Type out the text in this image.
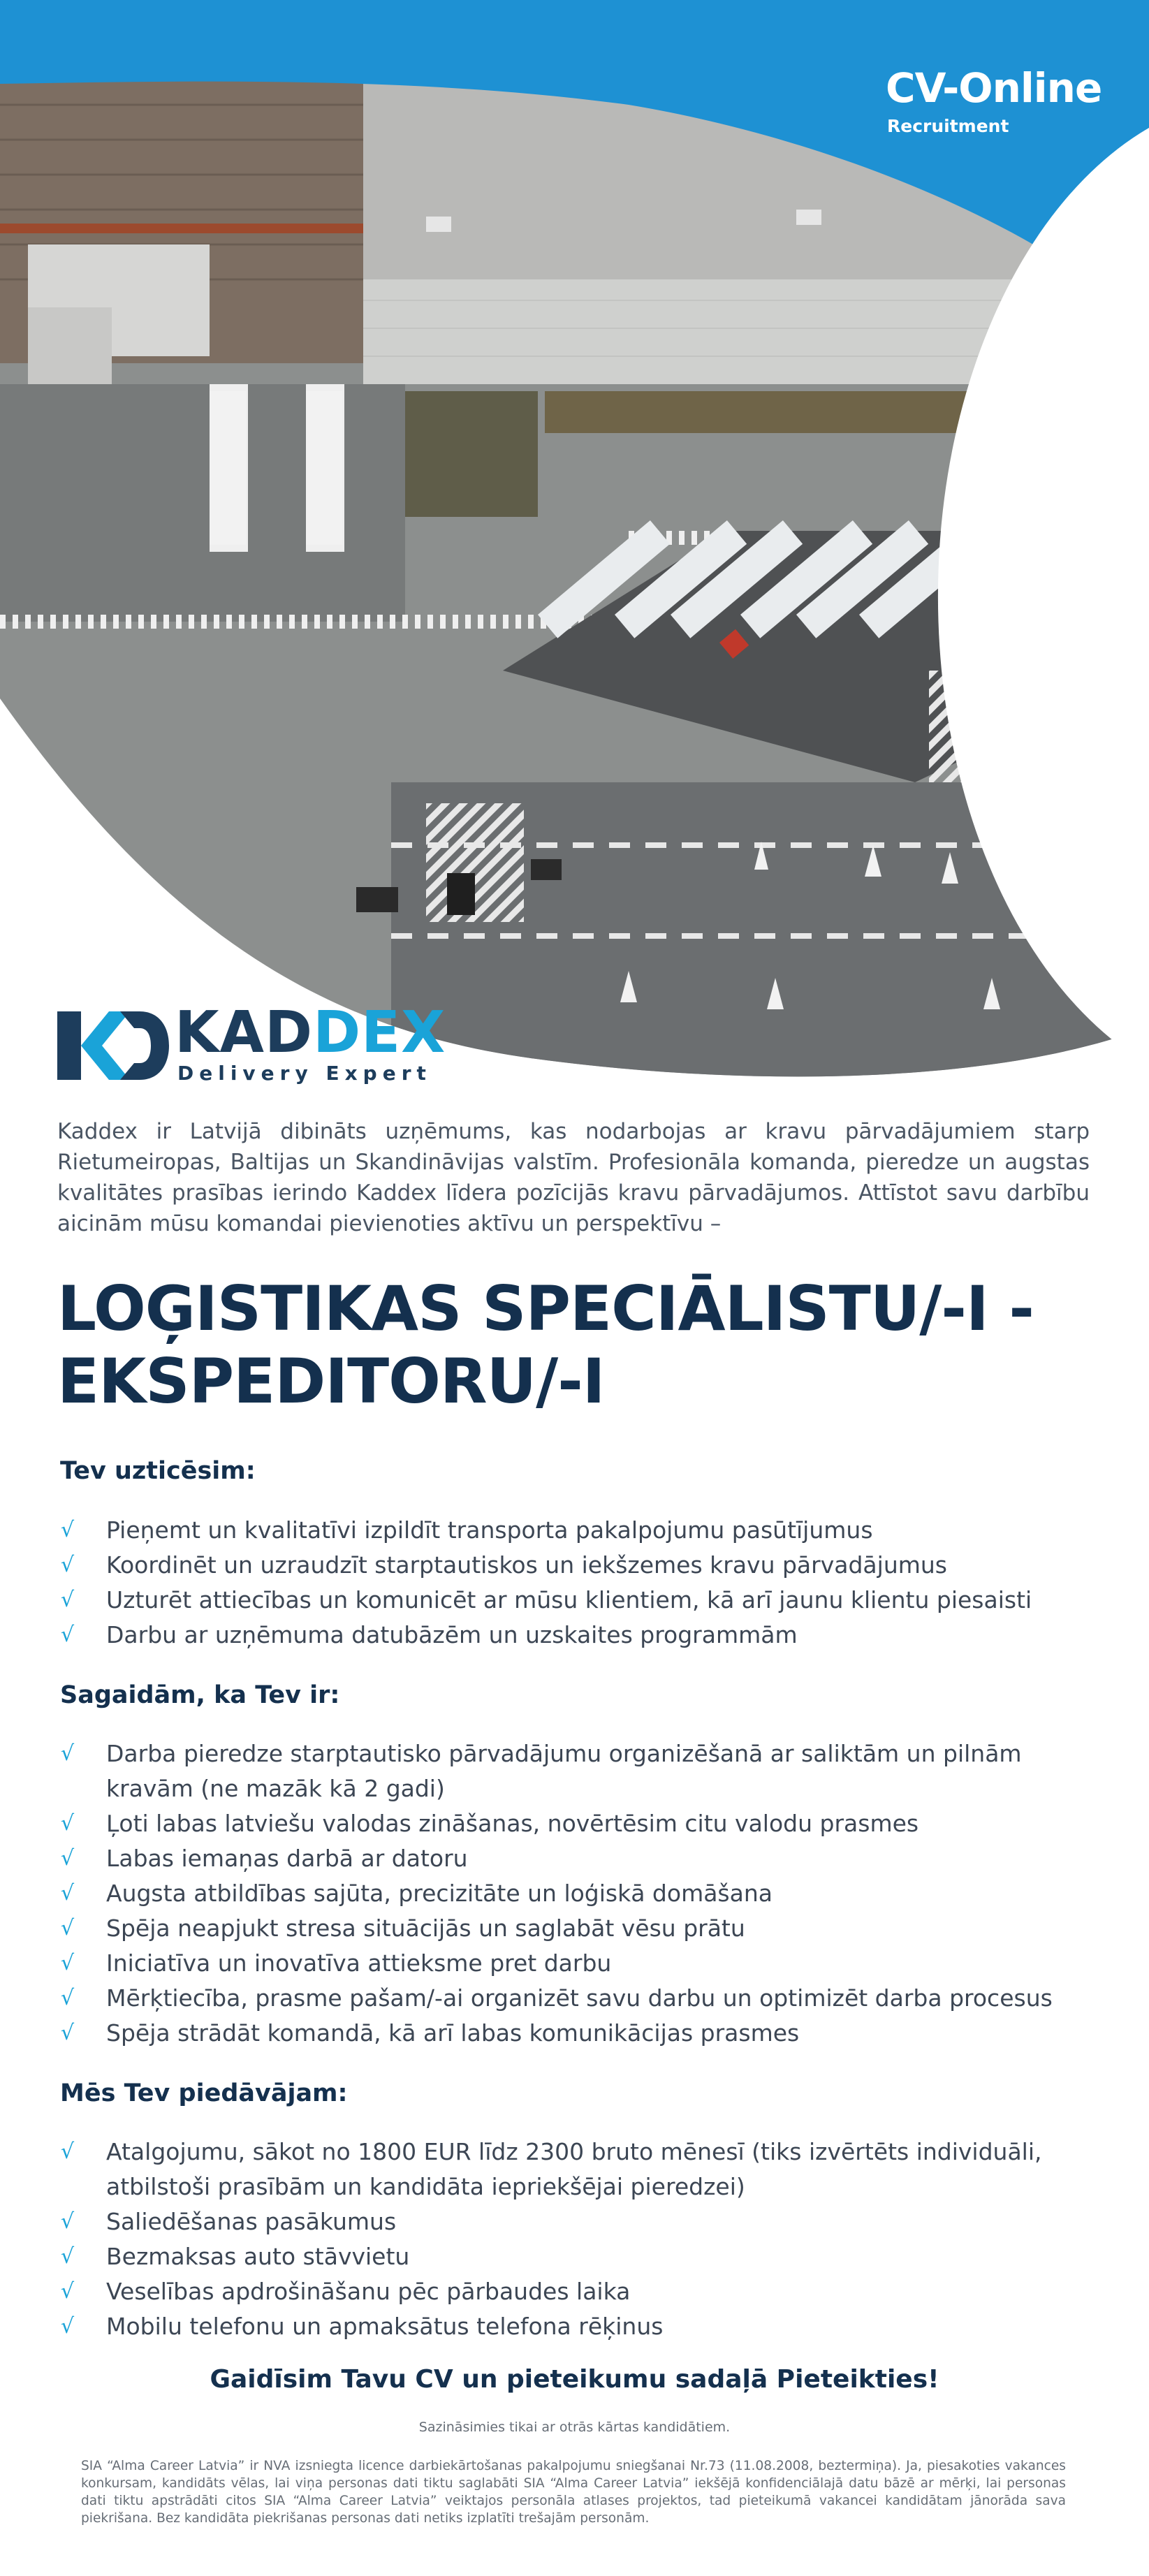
CV-Online
Recruitment
KADDEX
Delivery Expert

Kaddex ir Latvijā dibināts uzņēmums, kas nodarbojas ar kravu pārvadājumiem starp Rietumeiropas, Baltijas un Skandināvijas valstīm. Profesionāla komanda, pieredze un augstas kvalitātes prasības ierindo Kaddex līdera pozīcijās kravu pārvadājumos. Attīstot savu darbību aicinām mūsu komandai pievienoties aktīvu un perspektīvu –

LOĢISTIKAS SPECIĀLISTU/-I -
EKSPEDITORU/-I
Tev uzticēsim:
√ Pieņemt un kvalitatīvi izpildīt transporta pakalpojumu pasūtījumus
√ Koordinēt un uzraudzīt starptautiskos un iekšzemes kravu pārvadājumus
√ Uzturēt attiecības un komunicēt ar mūsu klientiem, kā arī jaunu klientu piesaisti
√ Darbu ar uzņēmuma datubāzēm un uzskaites programmām
Sagaidām, ka Tev ir:
√ Darba pieredze starptautisko pārvadājumu organizēšanā ar saliktām un pilnām kravām (ne mazāk kā 2 gadi)
√ Ļoti labas latviešu valodas zināšanas, novērtēsim citu valodu prasmes
√ Labas iemaņas darbā ar datoru
√ Augsta atbildības sajūta, precizitāte un loģiskā domāšana
√ Spēja neapjukt stresa situācijās un saglabāt vēsu prātu
√ Iniciatīva un inovatīva attieksme pret darbu
√ Mērķtiecība, prasme pašam/-ai organizēt savu darbu un optimizēt darba procesus
√ Spēja strādāt komandā, kā arī labas komunikācijas prasmes
Mēs Tev piedāvājam:
√ Atalgojumu, sākot no 1800 EUR līdz 2300 bruto mēnesī (tiks izvērtēts individuāli, atbilstoši prasībām un kandidāta iepriekšējai pieredzei)
√ Saliedēšanas pasākumus
√ Bezmaksas auto stāvvietu
√ Veselības apdrošināšanu pēc pārbaudes laika
√ Mobilu telefonu un apmaksātus telefona rēķinus
Gaidīsim Tavu CV un pieteikumu sadaļā Pieteikties!
Sazināsimies tikai ar otrās kārtas kandidātiem.

SIA “Alma Career Latvia” ir NVA izsniegta licence darbiekārtošanas pakalpojumu sniegšanai Nr.73 (11.08.2008, beztermiņa). Ja, piesakoties vakances konkursam, kandidāts vēlas, lai viņa personas dati tiktu saglabāti SIA “Alma Career Latvia” iekšējā konfidenciālajā datu bāzē ar mērķi, lai personas dati tiktu apstrādāti citos SIA “Alma Career Latvia” veiktajos personāla atlases projektos, tad pieteikumā vakancei kandidātam jānorāda sava piekrišana. Bez kandidāta piekrišanas personas dati netiks izplatīti trešajām personām.
